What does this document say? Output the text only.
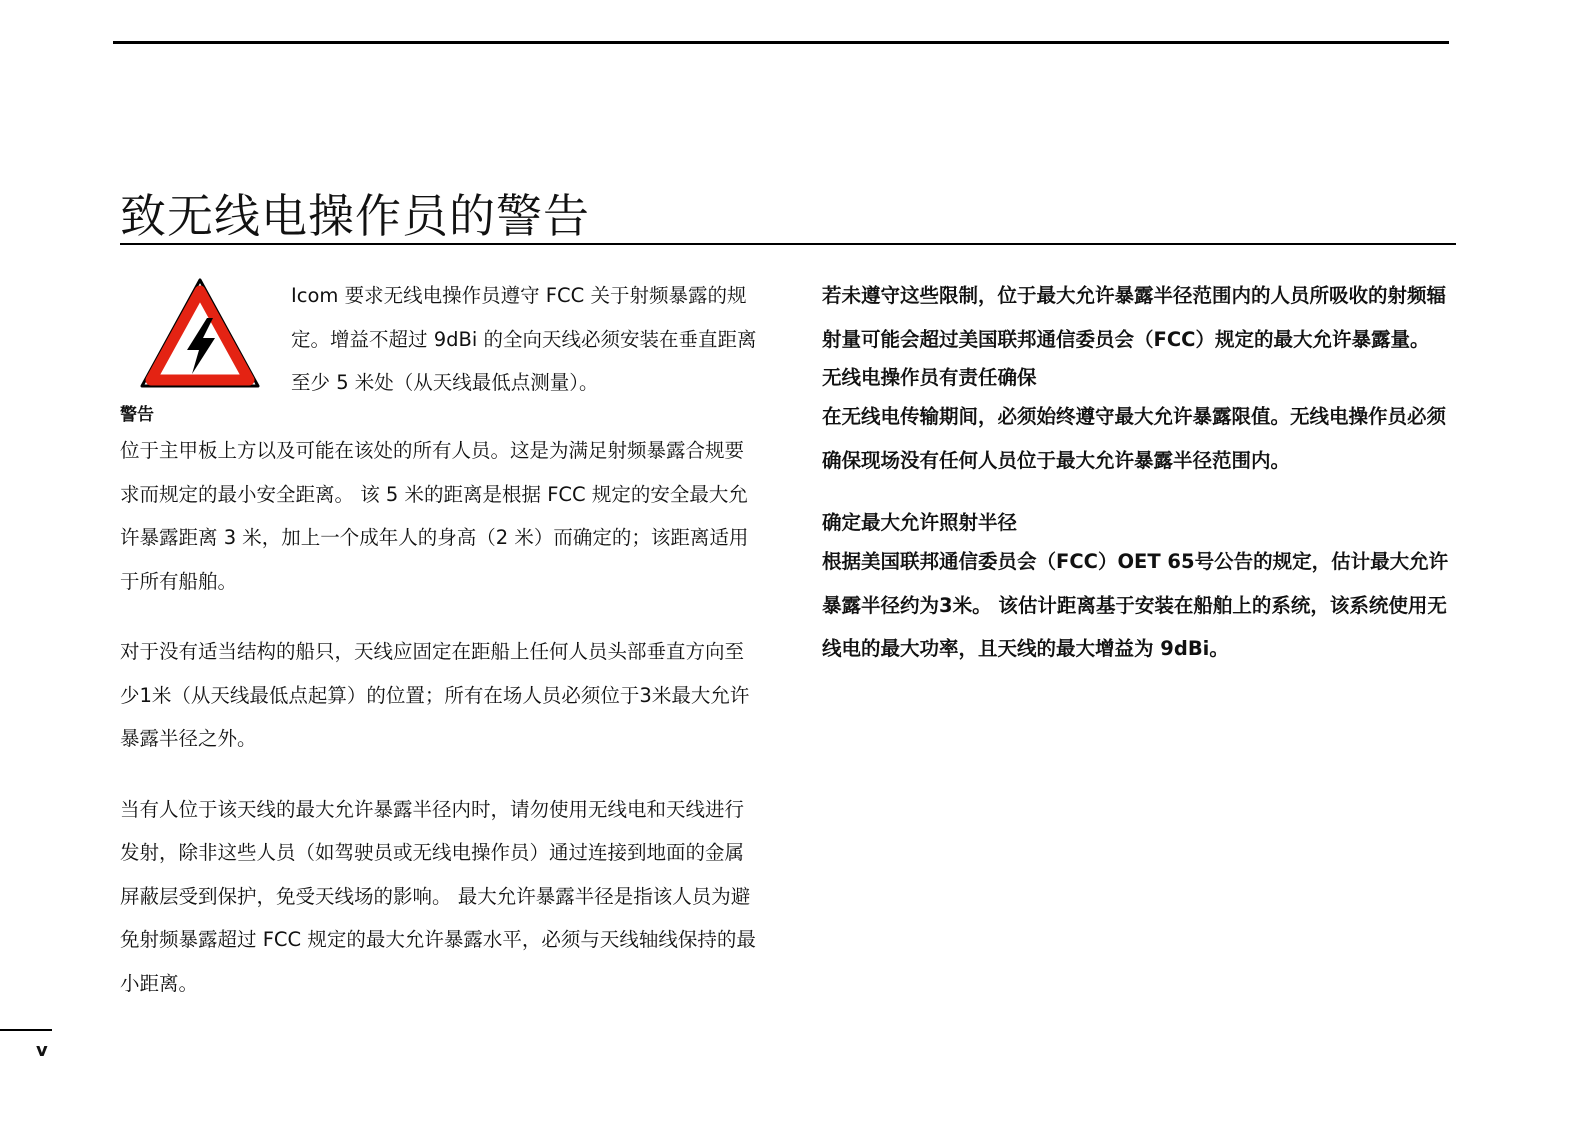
致无线电操作员的警告
警告

Icom 要求无线电操作员遵守 FCC 关于射频暴露的规定。增益不超过 9dBi 的全向天线必须安装在垂直距离至少 5 米处（从天线最低点测量）。

位于主甲板上方以及可能在该处的所有人员。这是为满足射频暴露合规要求而规定的最小安全距离。 该 5 米的距离是根据 FCC 规定的安全最大允许暴露距离 3 米，加上一个成年人的身高（2 米）而确定的；该距离适用于所有船舶。

对于没有适当结构的船只，天线应固定在距船上任何人员头部垂直方向至少1米（从天线最低点起算）的位置；所有在场人员必须位于3米最大允许暴露半径之外。

当有人位于该天线的最大允许暴露半径内时，请勿使用无线电和天线进行发射，除非这些人员（如驾驶员或无线电操作员）通过连接到地面的金属屏蔽层受到保护，免受天线场的影响。 最大允许暴露半径是指该人员为避免射频暴露超过 FCC 规定的最大允许暴露水平，必须与天线轴线保持的最小距离。

若未遵守这些限制，位于最大允许暴露半径范围内的人员所吸收的射频辐射量可能会超过美国联邦通信委员会（FCC）规定的最大允许暴露量。

无线电操作员有责任确保

在无线电传输期间，必须始终遵守最大允许暴露限值。无线电操作员必须确保现场没有任何人员位于最大允许暴露半径范围内。

确定最大允许照射半径

根据美国联邦通信委员会（FCC）OET 65号公告的规定，估计最大允许暴露半径约为3米。 该估计距离基于安装在船舶上的系统，该系统使用无线电的最大功率，且天线的最大增益为 9dBi。

v
